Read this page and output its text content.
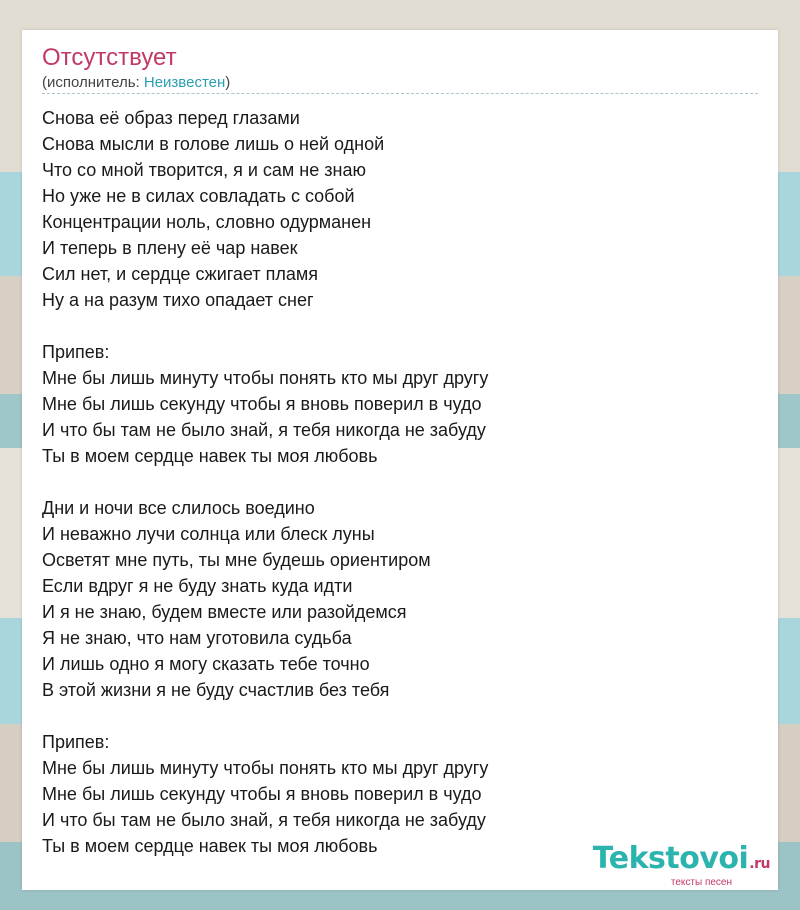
Отсутствует
(исполнитель: Неизвестен)
Снова её образ перед глазами
Снова мысли в голове лишь о ней одной
Что со мной творится, я и сам не знаю
Но уже не в силах совладать с собой
Концентрации ноль, словно одурманен
И теперь в плену её чар навек
Сил нет, и сердце сжигает пламя
Ну а на разум тихо опадает снег
Припев:
Мне бы лишь минуту чтобы понять кто мы друг другу
Мне бы лишь секунду чтобы я вновь поверил в чудо
И что бы там не было знай, я тебя никогда не забуду
Ты в моем сердце навек ты моя любовь
Дни и ночи все слилось воедино
И неважно лучи солнца или блеск луны
Осветят мне путь, ты мне будешь ориентиром
Если вдруг я не буду знать куда идти
И я не знаю, будем вместе или разойдемся
Я не знаю, что нам уготовила судьба
И лишь одно я могу сказать тебе точно
В этой жизни я не буду счастлив без тебя
Припев:
Мне бы лишь минуту чтобы понять кто мы друг другу
Мне бы лишь секунду чтобы я вновь поверил в чудо
И что бы там не было знай, я тебя никогда не забуду
Ты в моем сердце навек ты моя любовь	Tekstovoi.ru
тексты песен
